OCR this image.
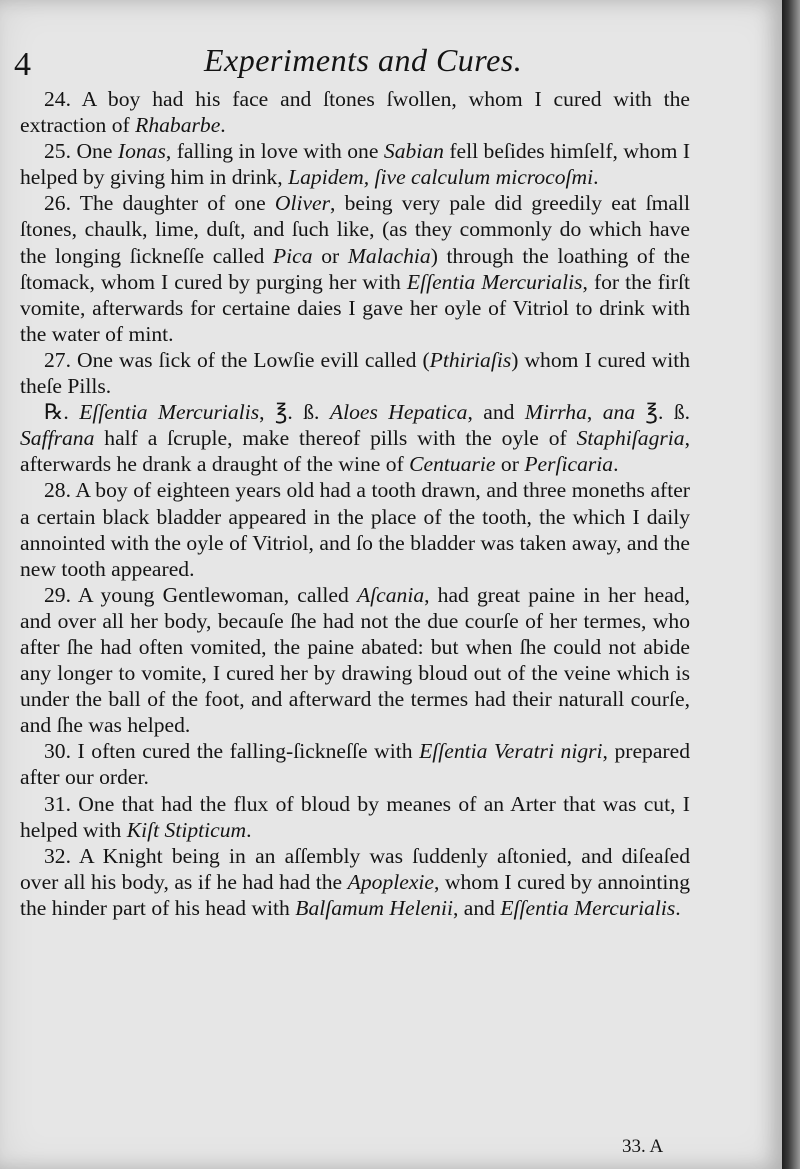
4	Experiments and Cures.

24. A boy had his face and ſtones ſwollen, whom I cured with the extraction of Rhabarbe.

25. One Ionas, falling in love with one Sabian fell beſides himſelf, whom I helped by giving him in drink, Lapidem, ſive calculum microcoſmi.

26. The daughter of one Oliver, being very pale did greedily eat ſmall ſtones, chaulk, lime, duſt, and ſuch like, (as they commonly do which have the longing ſickneſſe called Pica or Malachia) through the loathing of the ſtomack, whom I cured by purging her with Eſſentia Mercurialis, for the firſt vomite, afterwards for certaine daies I gave her oyle of Vitriol to drink with the water of mint.

27. One was ſick of the Lowſie evill called (Pthiriaſis) whom I cured with theſe Pills.

℞. Eſſentia Mercurialis, ℥. ß. Aloes Hepatica, and Mirrha, ana ℥. ß. Saffrana half a ſcruple, make thereof pills with the oyle of Staphiſagria, afterwards he drank a draught of the wine of Centuarie or Perſicaria.

28. A boy of eighteen years old had a tooth drawn, and three moneths after a certain black bladder appeared in the place of the tooth, the which I daily annointed with the oyle of Vitriol, and ſo the bladder was taken away, and the new tooth appeared.

29. A young Gentlewoman, called Aſcania, had great paine in her head, and over all her body, becauſe ſhe had not the due courſe of her termes, who after ſhe had often vomited, the paine abated: but when ſhe could not abide any longer to vomite, I cured her by drawing bloud out of the veine which is under the ball of the foot, and afterward the termes had their naturall courſe, and ſhe was helped.

30. I often cured the falling-ſickneſſe with Eſſentia Veratri nigri, prepared after our order.

31. One that had the flux of bloud by meanes of an Arter that was cut, I helped with Kiſt Stipticum.

32. A Knight being in an aſſembly was ſuddenly aſtonied, and diſeaſed over all his body, as if he had had the Apoplexie, whom I cured by annointing the hinder part of his head with Balſamum Helenii, and Eſſentia Mercurialis.

33. A
